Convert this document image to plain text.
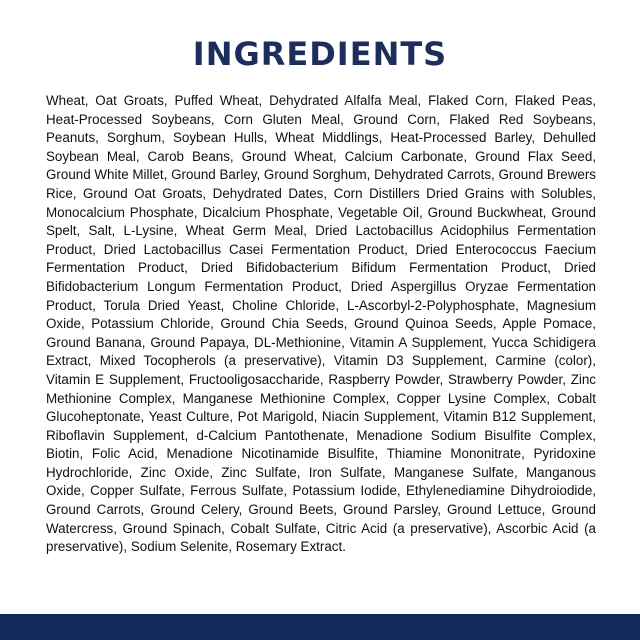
INGREDIENTS

Wheat, Oat Groats, Puffed Wheat, Dehydrated Alfalfa Meal, Flaked Corn, Flaked Peas, Heat-Processed Soybeans, Corn Gluten Meal, Ground Corn, Flaked Red Soybeans, Peanuts, Sorghum, Soybean Hulls, Wheat Middlings, Heat-Processed Barley, Dehulled Soybean Meal, Carob Beans, Ground Wheat, Calcium Carbonate, Ground Flax Seed, Ground White Millet, Ground Barley, Ground Sorghum, Dehydrated Carrots, Ground Brewers Rice, Ground Oat Groats, Dehydrated Dates, Corn Distillers Dried Grains with Solubles, Monocalcium Phosphate, Dicalcium Phosphate, Vegetable Oil, Ground Buckwheat, Ground Spelt, Salt, L-Lysine, Wheat Germ Meal, Dried Lactobacillus Acidophilus Fermentation Product, Dried Lactobacillus Casei Fermentation Product, Dried Enterococcus Faecium Fermentation Product, Dried Bifidobacterium Bifidum Fermentation Product, Dried Bifidobacterium Longum Fermentation Product, Dried Aspergillus Oryzae Fermentation Product, Torula Dried Yeast, Choline Chloride, L-Ascorbyl-2-Polyphosphate, Magnesium Oxide, Potassium Chloride, Ground Chia Seeds, Ground Quinoa Seeds, Apple Pomace, Ground Banana, Ground Papaya, DL-Methionine, Vitamin A Supplement, Yucca Schidigera Extract, Mixed Tocopherols (a preservative), Vitamin D3 Supplement, Carmine (color), Vitamin E Supplement, Fructooligosaccharide, Raspberry Powder, Strawberry Powder, Zinc Methionine Complex, Manganese Methionine Complex, Copper Lysine Complex, Cobalt Glucoheptonate, Yeast Culture, Pot Marigold, Niacin Supplement, Vitamin B12 Supplement, Riboflavin Supplement, d-Calcium Pantothenate, Menadione Sodium Bisulfite Complex, Biotin, Folic Acid, Menadione Nicotinamide Bisulfite, Thiamine Mononitrate, Pyridoxine Hydrochloride, Zinc Oxide, Zinc Sulfate, Iron Sulfate, Manganese Sulfate, Manganous Oxide, Copper Sulfate, Ferrous Sulfate, Potassium Iodide, Ethylenediamine Dihydroiodide, Ground Carrots, Ground Celery, Ground Beets, Ground Parsley, Ground Lettuce, Ground Watercress, Ground Spinach, Cobalt Sulfate, Citric Acid (a preservative), Ascorbic Acid (a preservative), Sodium Selenite, Rosemary Extract.
